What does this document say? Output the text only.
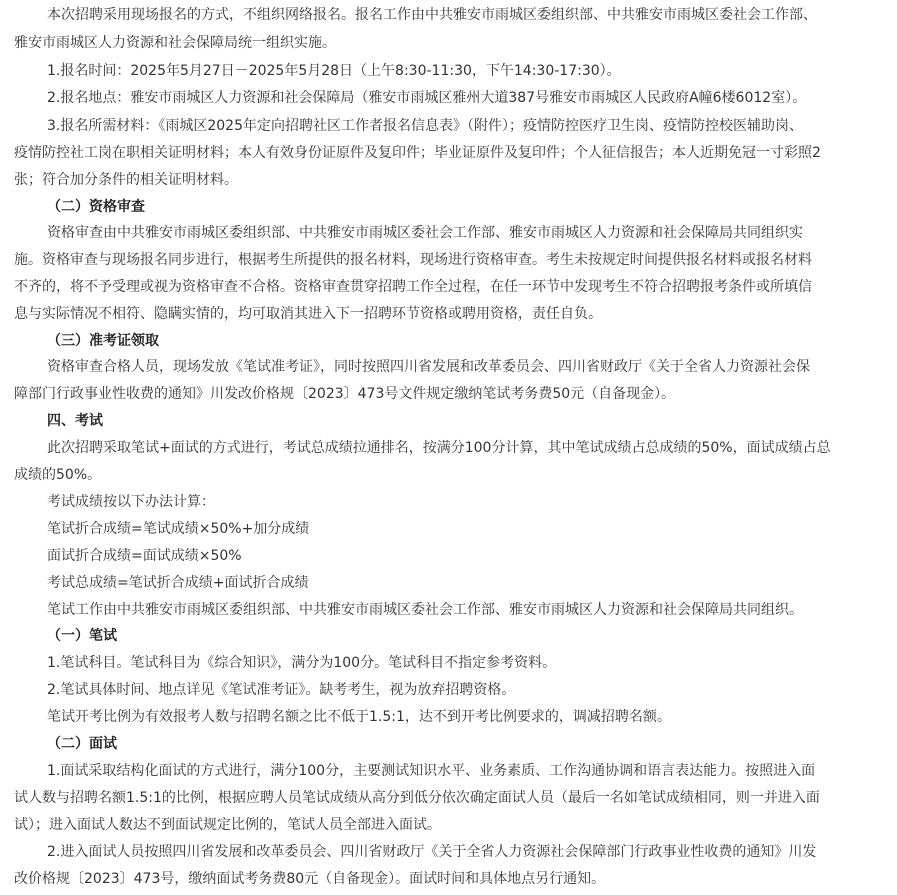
本次招聘采用现场报名的方式，不组织网络报名。报名工作由中共雅安市雨城区委组织部、中共雅安市雨城区委社会工作部、
雅安市雨城区人力资源和社会保障局统一组织实施。
1.报名时间：2025年5月27日－2025年5月28日（上午8:30-11:30，下午14:30-17:30）。
2.报名地点：雅安市雨城区人力资源和社会保障局（雅安市雨城区雅州大道387号雅安市雨城区人民政府A幢6楼6012室）。
3.报名所需材料：《雨城区2025年定向招聘社区工作者报名信息表》（附件）；疫情防控医疗卫生岗、疫情防控校医辅助岗、
疫情防控社工岗在职相关证明材料；本人有效身份证原件及复印件；毕业证原件及复印件；个人征信报告；本人近期免冠一寸彩照2
张；符合加分条件的相关证明材料。
（二）资格审查
资格审查由中共雅安市雨城区委组织部、中共雅安市雨城区委社会工作部、雅安市雨城区人力资源和社会保障局共同组织实
施。资格审查与现场报名同步进行，根据考生所提供的报名材料，现场进行资格审查。考生未按规定时间提供报名材料或报名材料
不齐的，将不予受理或视为资格审查不合格。资格审查贯穿招聘工作全过程，在任一环节中发现考生不符合招聘报考条件或所填信
息与实际情况不相符、隐瞒实情的，均可取消其进入下一招聘环节资格或聘用资格，责任自负。
（三）准考证领取
资格审查合格人员，现场发放《笔试准考证》，同时按照四川省发展和改革委员会、四川省财政厅《关于全省人力资源社会保
障部门行政事业性收费的通知》川发改价格规〔2023〕473号文件规定缴纳笔试考务费50元（自备现金）。
四、考试
此次招聘采取笔试+面试的方式进行，考试总成绩拉通排名，按满分100分计算，其中笔试成绩占总成绩的50%，面试成绩占总
成绩的50%。
考试成绩按以下办法计算：
笔试折合成绩=笔试成绩×50%+加分成绩
面试折合成绩=面试成绩×50%
考试总成绩=笔试折合成绩+面试折合成绩
笔试工作由中共雅安市雨城区委组织部、中共雅安市雨城区委社会工作部、雅安市雨城区人力资源和社会保障局共同组织。
（一）笔试
1.笔试科目。笔试科目为《综合知识》，满分为100分。笔试科目不指定参考资料。
2.笔试具体时间、地点详见《笔试准考证》。缺考考生，视为放弃招聘资格。
笔试开考比例为有效报考人数与招聘名额之比不低于1.5:1，达不到开考比例要求的，调减招聘名额。
（二）面试
1.面试采取结构化面试的方式进行，满分100分，主要测试知识水平、业务素质、工作沟通协调和语言表达能力。按照进入面
试人数与招聘名额1.5:1的比例，根据应聘人员笔试成绩从高分到低分依次确定面试人员（最后一名如笔试成绩相同，则一并进入面
试）；进入面试人数达不到面试规定比例的，笔试人员全部进入面试。
2.进入面试人员按照四川省发展和改革委员会、四川省财政厅《关于全省人力资源社会保障部门行政事业性收费的通知》川发
改价格规〔2023〕473号，缴纳面试考务费80元（自备现金）。面试时间和具体地点另行通知。
